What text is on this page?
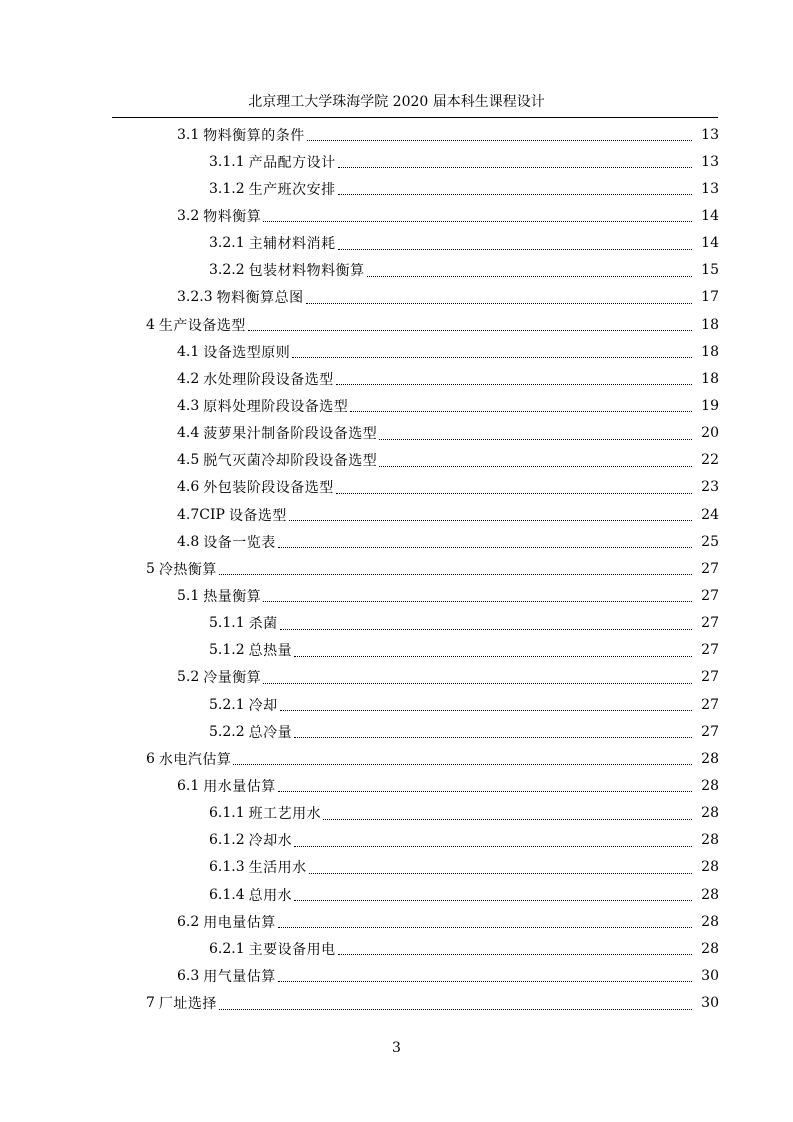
北京理工大学珠海学院 2020 届本科生课程设计
3.1 物料衡算的条件	13
3.1.1 产品配方设计	13
3.1.2 生产班次安排	13
3.2 物料衡算	14
3.2.1 主辅材料消耗	14
3.2.2 包装材料物料衡算	15
3.2.3 物料衡算总图	17
4 生产设备选型	18
4.1 设备选型原则	18
4.2 水处理阶段设备选型	18
4.3 原料处理阶段设备选型	19
4.4 菠萝果汁制备阶段设备选型	20
4.5 脱气灭菌冷却阶段设备选型	22
4.6 外包装阶段设备选型	23
4.7CIP 设备选型	24
4.8 设备一览表	25
5 冷热衡算	27
5.1 热量衡算	27
5.1.1 杀菌	27
5.1.2 总热量	27
5.2 冷量衡算	27
5.2.1 冷却	27
5.2.2 总冷量	27
6 水电汽估算	28
6.1 用水量估算	28
6.1.1 班工艺用水	28
6.1.2 冷却水	28
6.1.3 生活用水	28
6.1.4 总用水	28
6.2 用电量估算	28
6.2.1 主要设备用电	28
6.3 用气量估算	30
7 厂址选择	30
3
